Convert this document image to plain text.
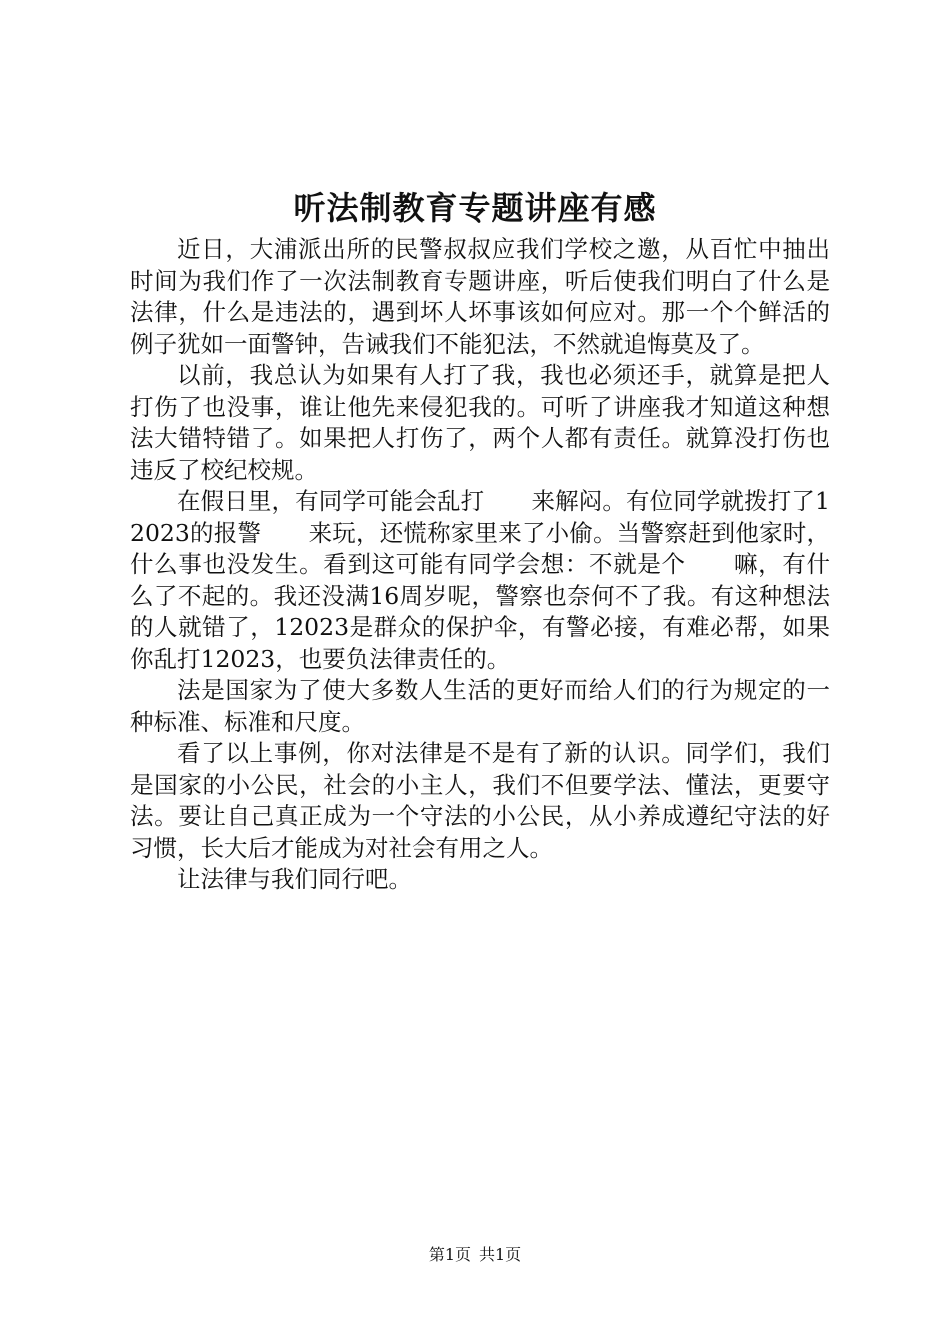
听法制教育专题讲座有感

近日，大浦派出所的民警叔叔应我们学校之邀，从百忙中抽出时间为我们作了一次法制教育专题讲座，听后使我们明白了什么是法律，什么是违法的，遇到坏人坏事该如何应对。那一个个鲜活的例子犹如一面警钟，告诫我们不能犯法，不然就追悔莫及了。

以前，我总认为如果有人打了我，我也必须还手，就算是把人打伤了也没事，谁让他先来侵犯我的。可听了讲座我才知道这种想法大错特错了。如果把人打伤了，两个人都有责任。就算没打伤也违反了校纪校规。

在假日里，有同学可能会乱打　　来解闷。有位同学就拨打了12023的报警　　来玩，还慌称家里来了小偷。当警察赶到他家时，什么事也没发生。看到这可能有同学会想：不就是个　　嘛，有什么了不起的。我还没满16周岁呢，警察也奈何不了我。有这种想法的人就错了，12023是群众的保护伞，有警必接，有难必帮，如果你乱打12023，也要负法律责任的。

法是国家为了使大多数人生活的更好而给人们的行为规定的一种标准、标准和尺度。

看了以上事例，你对法律是不是有了新的认识。同学们，我们是国家的小公民，社会的小主人，我们不但要学法、懂法，更要守法。要让自己真正成为一个守法的小公民，从小养成遵纪守法的好习惯，长大后才能成为对社会有用之人。

让法律与我们同行吧。

第1页 共1页
